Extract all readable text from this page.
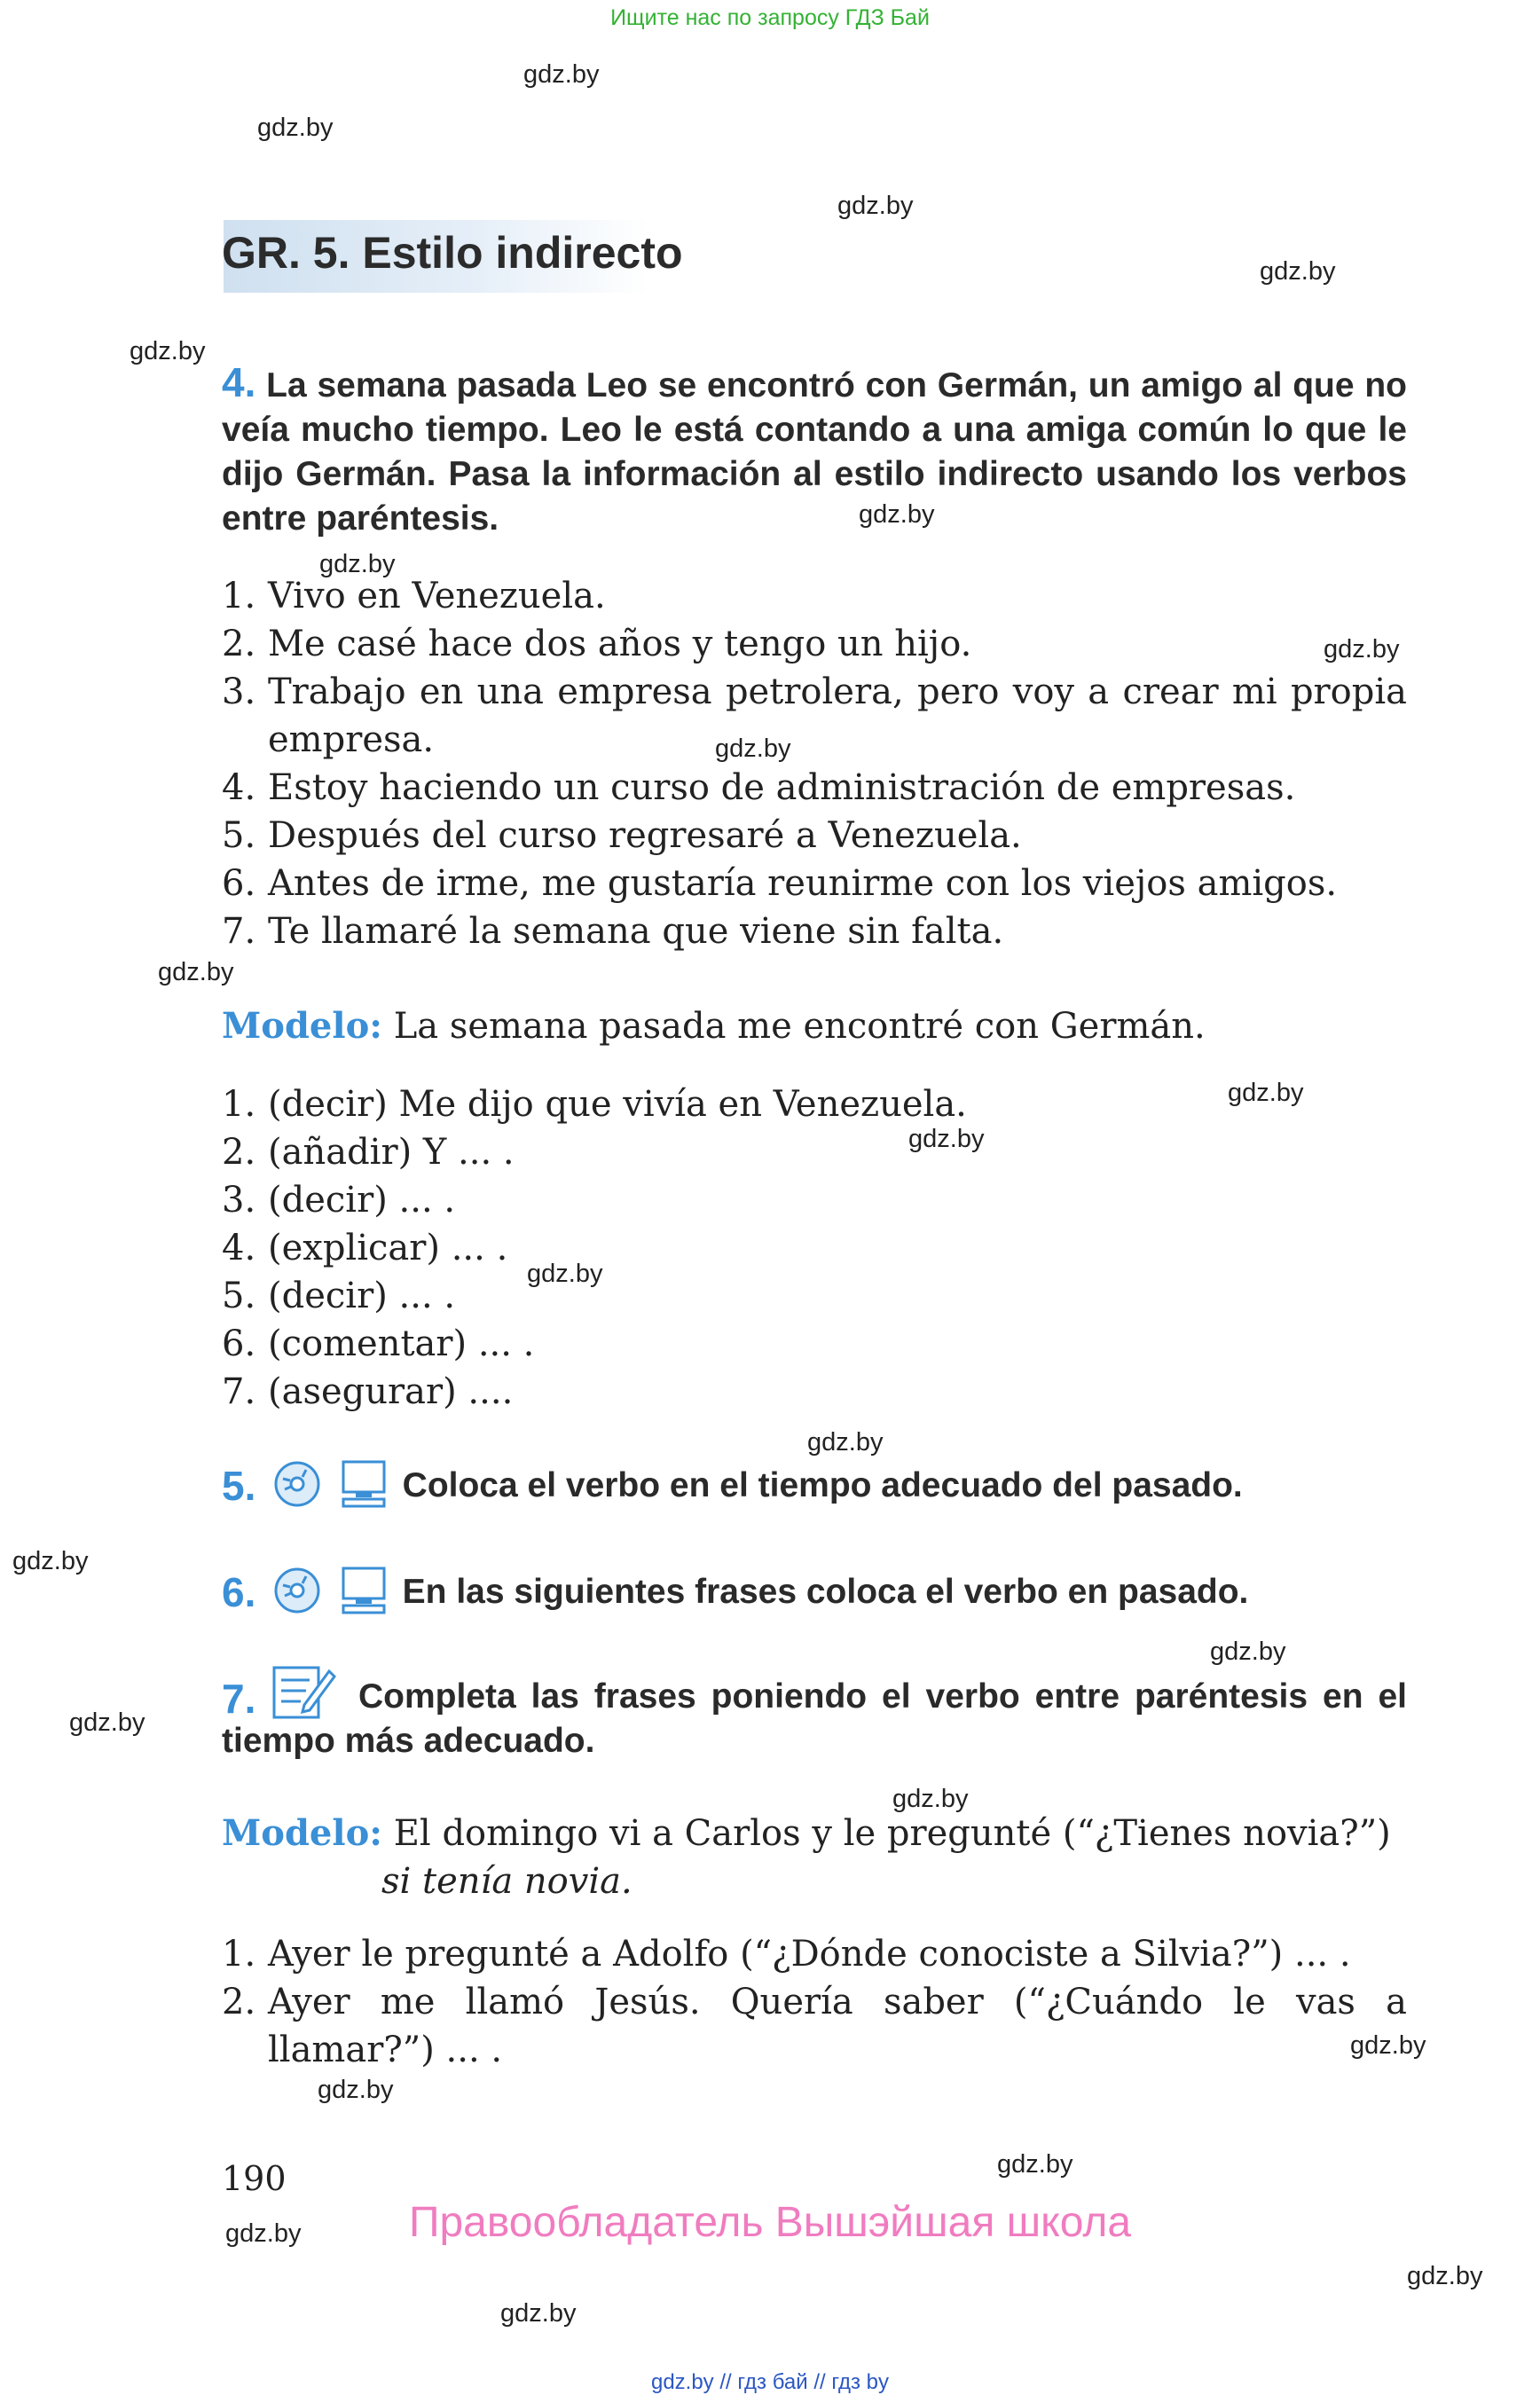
Ищите нас по запросу ГДЗ Бай
gdz.by
gdz.by
gdz.by
gdz.by
gdz.by
gdz.by
gdz.by
gdz.by
gdz.by
gdz.by
gdz.by
gdz.by
gdz.by
gdz.by
gdz.by
gdz.by
gdz.by
gdz.by
gdz.by
gdz.by
gdz.by
gdz.by
gdz.by
gdz.by
GR. 5. Estilo indirecto
4. La semana pasada Leo se encontró con Germán, un amigo al que no veía mucho tiempo. Leo le está contando a una amiga común lo que le dijo Germán. Pasa la información al estilo indirecto usando los verbos entre paréntesis.
1. Vivo en Venezuela.
2. Me casé hace dos años y tengo un hijo.
3. Trabajo en una empresa petrolera, pero voy a crear mi propia empresa.
4. Estoy haciendo un curso de administración de empresas.
5. Después del curso regresaré a Venezuela.
6. Antes de irme, me gustaría reunirme con los viejos amigos.
7. Te llamaré la semana que viene sin falta.
Modelo: La semana pasada me encontré con Germán.
1. (decir) Me dijo que vivía en Venezuela.
2. (añadir) Y ... .
3. (decir) ... .
4. (explicar) ... .
5. (decir) ... .
6. (comentar) ... .
7. (asegurar) ....
5.	Coloca el verbo en el tiempo adecuado del pasado.
6.	En las siguientes frases coloca el verbo en pasado.
7.	Completa las frases poniendo el verbo entre paréntesis en el tiempo más adecuado.
Modelo: El domingo vi a Carlos y le pregunté (“¿Tienes novia?”)
si tenía novia.
1. Ayer le pregunté a Adolfo (“¿Dónde conociste a Silvia?”) ... .
2. Ayer me llamó Jesús. Quería saber (“¿Cuándo le vas a llamar?”) ... .
190
Правообладатель Вышэйшая школа
gdz.by // гдз бай // гдз by
